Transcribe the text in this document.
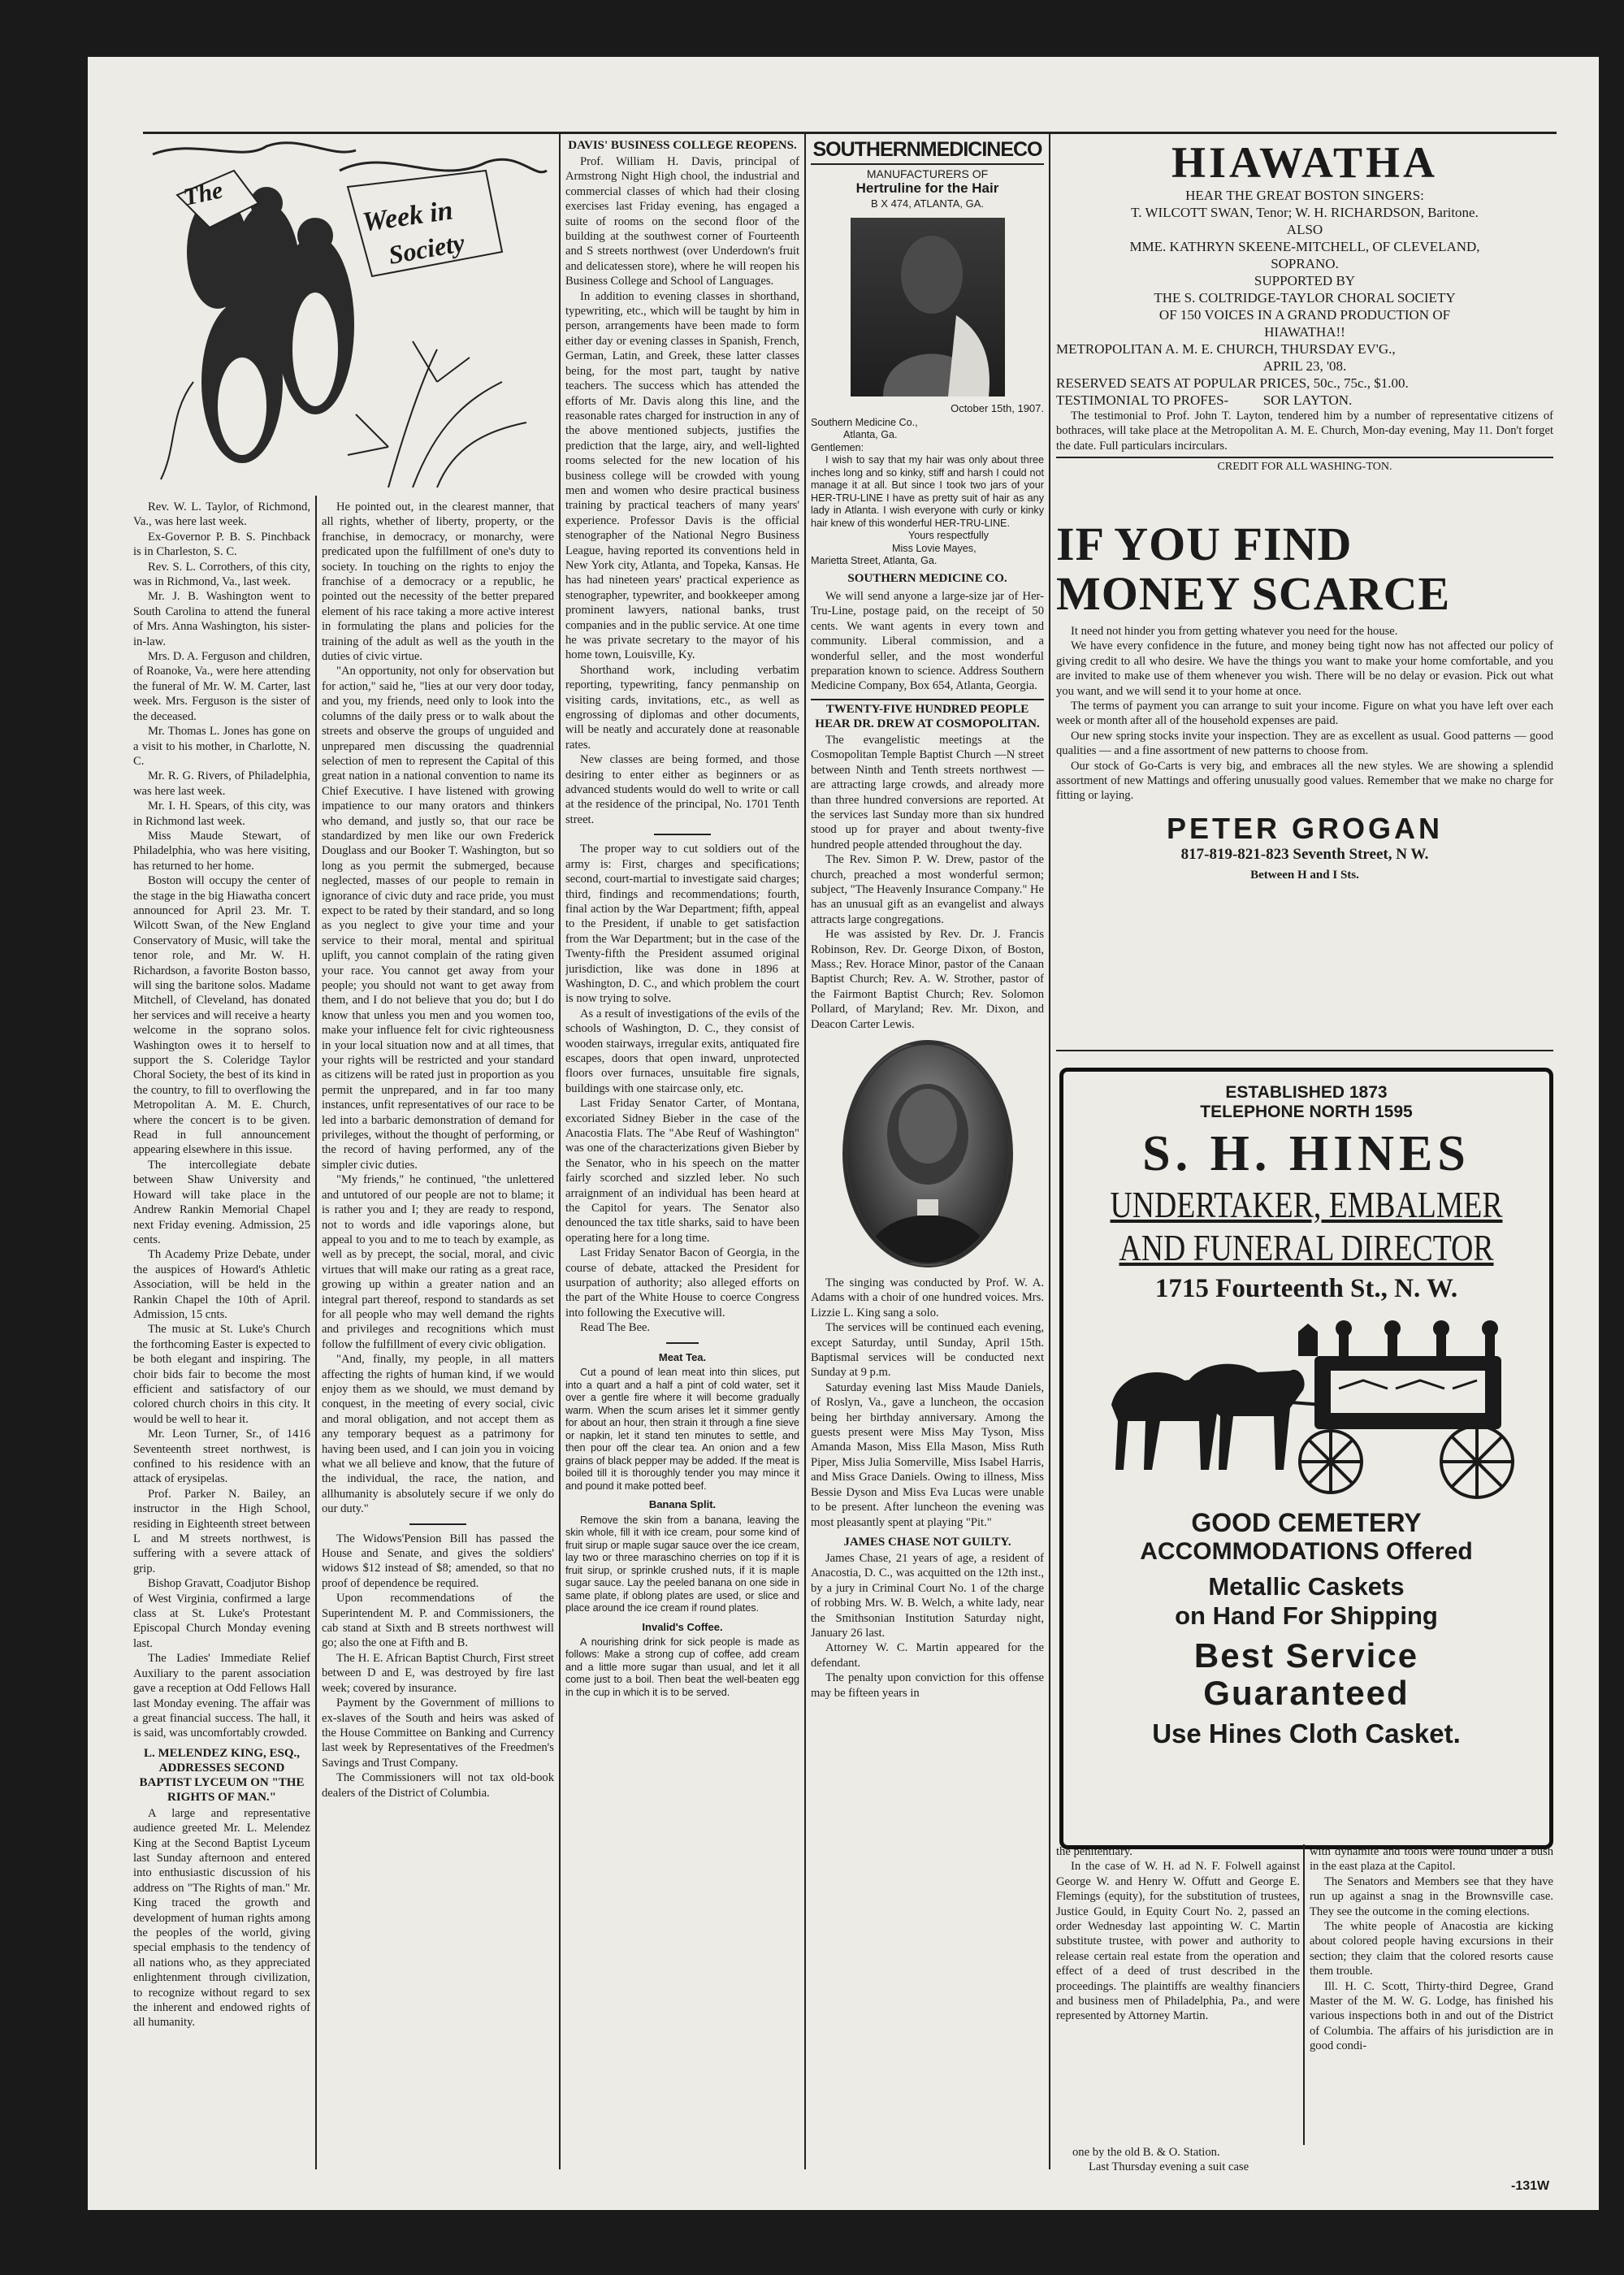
The
Week in
Society

Rev. W. L. Taylor, of Richmond, Va., was here last week.

Ex-Governor P. B. S. Pinchback is in Charleston, S. C.

Rev. S. L. Corrothers, of this city, was in Richmond, Va., last week.

Mr. J. B. Washington went to South Carolina to attend the funeral of Mrs. Anna Washington, his sister-in-law.

Mrs. D. A. Ferguson and children, of Roanoke, Va., were here attending the funeral of Mr. W. M. Carter, last week. Mrs. Ferguson is the sister of the deceased.

Mr. Thomas L. Jones has gone on a visit to his mother, in Charlotte, N. C.

Mr. R. G. Rivers, of Philadelphia, was here last week.

Mr. I. H. Spears, of this city, was in Richmond last week.

Miss Maude Stewart, of Philadelphia, who was here visiting, has returned to her home.

Boston will occupy the center of the stage in the big Hiawatha concert announced for April 23. Mr. T. Wilcott Swan, of the New England Conservatory of Music, will take the tenor role, and Mr. W. H. Richardson, a favorite Boston basso, will sing the baritone solos. Madame Mitchell, of Cleveland, has donated her services and will receive a hearty welcome in the soprano solos. Washington owes it to herself to support the S. Coleridge Taylor Choral Society, the best of its kind in the country, to fill to overflowing the Metropolitan A. M. E. Church, where the concert is to be given. Read in full announcement appearing elsewhere in this issue.

The intercollegiate debate between Shaw University and Howard will take place in the Andrew Rankin Memorial Chapel next Friday evening. Admission, 25 cents.

Th Academy Prize Debate, under the auspices of Howard's Athletic Association, will be held in the Rankin Chapel the 10th of April. Admission, 15 cnts.

The music at St. Luke's Church the forthcoming Easter is expected to be both elegant and inspiring. The choir bids fair to become the most efficient and satisfactory of our colored church choirs in this city. It would be well to hear it.

Mr. Leon Turner, Sr., of 1416 Seventeenth street northwest, is confined to his residence with an attack of erysipelas.

Prof. Parker N. Bailey, an instructor in the High School, residing in Eighteenth street between L and M streets northwest, is suffering with a severe attack of grip.

Bishop Gravatt, Coadjutor Bishop of West Virginia, confirmed a large class at St. Luke's Protestant Episcopal Church Monday evening last.

The Ladies' Immediate Relief Auxiliary to the parent association gave a reception at Odd Fellows Hall last Monday evening. The affair was a great financial success. The hall, it is said, was uncomfortably crowded.

L. MELENDEZ KING, ESQ., ADDRESSES SECOND BAPTIST LYCEUM ON "THE RIGHTS OF MAN."

A large and representative audience greeted Mr. L. Melendez King at the Second Baptist Lyceum last Sunday afternoon and entered into enthusiastic discussion of his address on "The Rights of man." Mr. King traced the growth and development of human rights among the peoples of the world, giving special emphasis to the tendency of all nations who, as they appreciated enlightenment through civilization, to recognize without regard to sex the inherent and endowed rights of all humanity.

He pointed out, in the clearest manner, that all rights, whether of liberty, property, or the franchise, in democracy, or monarchy, were predicated upon the fulfillment of one's duty to society. In touching on the rights to enjoy the franchise of a democracy or a republic, he pointed out the necessity of the better prepared element of his race taking a more active interest in formulating the plans and policies for the training of the adult as well as the youth in the duties of civic virtue.

"An opportunity, not only for observation but for action," said he, "lies at our very door today, and you, my friends, need only to look into the columns of the daily press or to walk about the streets and observe the groups of unguided and unprepared men discussing the quadrennial selection of men to represent the Capital of this great nation in a national convention to name its Chief Executive. I have listened with growing impatience to our many orators and thinkers who demand, and justly so, that our race be standardized by men like our own Frederick Douglass and our Booker T. Washington, but so long as you permit the submerged, because neglected, masses of our people to remain in ignorance of civic duty and race pride, you must expect to be rated by their standard, and so long as you neglect to give your time and your service to their moral, mental and spiritual uplift, you cannot complain of the rating given your race. You cannot get away from your people; you should not want to get away from them, and I do not believe that you do; but I do know that unless you men and you women too, make your influence felt for civic righteousness in your local situation now and at all times, that your rights will be restricted and your standard as citizens will be rated just in proportion as you permit the unprepared, and in far too many instances, unfit representatives of our race to be led into a barbaric demonstration of demand for privileges, without the thought of performing, or the record of having performed, any of the simpler civic duties.

"My friends," he continued, "the unlettered and untutored of our people are not to blame; it is rather you and I; they are ready to respond, not to words and idle vaporings alone, but appeal to you and to me to teach by example, as well as by precept, the social, moral, and civic virtues that will make our rating as a great race, growing up within a greater nation and an integral part thereof, respond to standards as set for all people who may well demand the rights and privileges and recognitions which must follow the fulfillment of every civic obligation.

"And, finally, my people, in all matters affecting the rights of human kind, if we would enjoy them as we should, we must demand by conquest, in the meeting of every social, civic and moral obligation, and not accept them as any temporary bequest as a patrimony for having been used, and I can join you in voicing what we all believe and know, that the future of the individual, the race, the nation, and allhumanity is absolutely secure if we only do our duty."

The Widows'Pension Bill has passed the House and Senate, and gives the soldiers' widows $12 instead of $8; amended, so that no proof of dependence be required.

Upon recommendations of the Superintendent M. P. and Commissioners, the cab stand at Sixth and B streets northwest will go; also the one at Fifth and B.

The H. E. African Baptist Church, First street between D and E, was destroyed by fire last week; covered by insurance.

Payment by the Government of millions to ex-slaves of the South and heirs was asked of the House Committee on Banking and Currency last week by Representatives of the Freedmen's Savings and Trust Company.

The Commissioners will not tax old-book dealers of the District of Columbia.

DAVIS' BUSINESS COLLEGE REOPENS.

Prof. William H. Davis, principal of Armstrong Night High chool, the industrial and commercial classes of which had their closing exercises last Friday evening, has engaged a suite of rooms on the second floor of the building at the southwest corner of Fourteenth and S streets northwest (over Underdown's fruit and delicatessen store), where he will reopen his Business College and School of Languages.

In addition to evening classes in shorthand, typewriting, etc., which will be taught by him in person, arrangements have been made to form either day or evening classes in Spanish, French, German, Latin, and Greek, these latter classes being, for the most part, taught by native teachers. The success which has attended the efforts of Mr. Davis along this line, and the reasonable rates charged for instruction in any of the above mentioned subjects, justifies the prediction that the large, airy, and well-lighted rooms selected for the new location of his business college will be crowded with young men and women who desire practical business training by practical teachers of many years' experience. Professor Davis is the official stenographer of the National Negro Business League, having reported its conventions held in New York city, Atlanta, and Topeka, Kansas. He has had nineteen years' practical experience as stenographer, typewriter, and bookkeeper among prominent lawyers, national banks, trust companies and in the public service. At one time he was private secretary to the mayor of his home town, Louisville, Ky.

Shorthand work, including verbatim reporting, typewriting, fancy penmanship on visiting cards, invitations, etc., as well as engrossing of diplomas and other documents, will be neatly and accurately done at reasonable rates.

New classes are being formed, and those desiring to enter either as beginners or as advanced students would do well to write or call at the residence of the principal, No. 1701 Tenth street.

The proper way to cut soldiers out of the army is: First, charges and specifications; second, court-martial to investigate said charges; third, findings and recommendations; fourth, final action by the War Department; fifth, appeal to the President, if unable to get satisfaction from the War Department; but in the case of the Twenty-fifth the President assumed original jurisdiction, like was done in 1896 at Washington, D. C., and which problem the court is now trying to solve.

As a result of investigations of the evils of the schools of Washington, D. C., they consist of wooden stairways, irregular exits, antiquated fire escapes, doors that open inward, unprotected floors over furnaces, unsuitable fire signals, buildings with one staircase only, etc.

Last Friday Senator Carter, of Montana, excoriated Sidney Bieber in the case of the Anacostia Flats. The "Abe Reuf of Washington" was one of the characterizations given Bieber by the Senator, who in his speech on the matter fairly scorched and sizzled leber. No such arraignment of an individual has been heard at the Capitol for years. The Senator also denounced the tax title sharks, said to have been operating here for a long time.

Last Friday Senator Bacon of Georgia, in the course of debate, attacked the President for usurpation of authority; also alleged efforts on the part of the White House to coerce Congress into following the Executive will.

Read The Bee.

Meat Tea.

Cut a pound of lean meat into thin slices, put into a quart and a half a pint of cold water, set it over a gentle fire where it will become gradually warm. When the scum arises let it simmer gently for about an hour, then strain it through a fine sieve or napkin, let it stand ten minutes to settle, and then pour off the clear tea. An onion and a few grains of black pepper may be added. If the meat is boiled till it is thoroughly tender you may mince it and pound it make potted beef.

Banana Split.

Remove the skin from a banana, leaving the skin whole, fill it with ice cream, pour some kind of fruit sirup or maple sugar sauce over the ice cream, lay two or three maraschino cherries on top if it is fruit sirup, or sprinkle crushed nuts, if it is maple sugar sauce. Lay the peeled banana on one side in same plate, if oblong plates are used, or slice and place around the ice cream if round plates.

Invalid's Coffee.

A nourishing drink for sick people is made as follows: Make a strong cup of coffee, add cream and a little more sugar than usual, and let it all come just to a boil. Then beat the well-beaten egg in the cup in which it is to be served.

SOUTHERNMEDICINECO
MANUFACTURERS OF
Hertruline for the Hair
B X 474, ATLANTA, GA.
October 15th, 1907.
Southern Medicine Co.,
Atlanta, Ga.
Gentlemen:

I wish to say that my hair was only about three inches long and so kinky, stiff and harsh I could not manage it at all. But since I took two jars of your HER-TRU-LINE I have as pretty suit of hair as any lady in Atlanta. I wish everyone with curly or kinky hair knew of this wonderful HER-TRU-LINE.

Yours respectfully
Miss Lovie Mayes,
Marietta Street, Atlanta, Ga.
SOUTHERN MEDICINE CO.

We will send anyone a large-size jar of Her-Tru-Line, postage paid, on the receipt of 50 cents. We want agents in every town and community. Liberal commission, and a wonderful seller, and the most wonderful preparation known to science. Address Southern Medicine Company, Box 654, Atlanta, Georgia.

TWENTY-FIVE HUNDRED PEOPLE HEAR DR. DREW AT COSMOPOLITAN.

The evangelistic meetings at the Cosmopolitan Temple Baptist Church —N street between Ninth and Tenth streets northwest — are attracting large crowds, and already more than three hundred conversions are reported. At the services last Sunday more than six hundred stood up for prayer and about twenty-five hundred people attended throughout the day.

The Rev. Simon P. W. Drew, pastor of the church, preached a most wonderful sermon; subject, "The Heavenly Insurance Company." He has an unusual gift as an evangelist and always attracts large congregations.

He was assisted by Rev. Dr. J. Francis Robinson, Rev. Dr. George Dixon, of Boston, Mass.; Rev. Horace Minor, pastor of the Canaan Baptist Church; Rev. A. W. Strother, pastor of the Fairmont Baptist Church; Rev. Solomon Pollard, of Maryland; Rev. Mr. Dixon, and Deacon Carter Lewis.

The singing was conducted by Prof. W. A. Adams with a choir of one hundred voices. Mrs. Lizzie L. King sang a solo.

The services will be continued each evening, except Saturday, until Sunday, April 15th. Baptismal services will be conducted next Sunday at 9 p.m.

Saturday evening last Miss Maude Daniels, of Roslyn, Va., gave a luncheon, the occasion being her birthday anniversary. Among the guests present were Miss May Tyson, Miss Amanda Mason, Miss Ella Mason, Miss Ruth Piper, Miss Julia Somerville, Miss Isabel Harris, and Miss Grace Daniels. Owing to illness, Miss Bessie Dyson and Miss Eva Lucas were unable to be present. After luncheon the evening was most pleasantly spent at playing "Pit."

JAMES CHASE NOT GUILTY.

James Chase, 21 years of age, a resident of Anacostia, D. C., was acquitted on the 12th inst., by a jury in Criminal Court No. 1 of the charge of robbing Mrs. W. B. Welch, a white lady, near the Smithsonian Institution Saturday night, January 26 last.

Attorney W. C. Martin appeared for the defendant.

The penalty upon conviction for this offense may be fifteen years in

HIAWATHA
HEAR THE GREAT BOSTON SINGERS:
T. WILCOTT SWAN, Tenor; W. H. RICHARDSON, Baritone.
ALSO
MME. KATHRYN SKEENE-MITCHELL, OF CLEVELAND,
SOPRANO.
SUPPORTED BY
THE S. COLTRIDGE-TAYLOR CHORAL SOCIETY
OF 150 VOICES IN A GRAND PRODUCTION OF
HIAWATHA!!
METROPOLITAN A. M. E. CHURCH, THURSDAY EV'G.,
APRIL 23, '08.
RESERVED SEATS AT POPULAR PRICES, 50c., 75c., $1.00.
TESTIMONIAL TO PROFES-          SOR LAYTON.

The testimonial to Prof. John T. Layton, tendered him by a number of representative citizens of bothraces, will take place at the Metropolitan A. M. E. Church, Mon-day evening, May 11. Don't forget the date. Full particulars incirculars.

CREDIT FOR ALL WASHING-TON.
IF YOU FIND
MONEY SCARCE

It need not hinder you from getting whatever you need for the house.

We have every confidence in the future, and money being tight now has not affected our policy of giving credit to all who desire. We have the things you want to make your home comfortable, and you are invited to make use of them whenever you wish. There will be no delay or evasion. Pick out what you want, and we will send it to your home at once.

The terms of payment you can arrange to suit your income. Figure on what you have left over each week or month after all of the household expenses are paid.

Our new spring stocks invite your inspection. They are as excellent as usual. Good patterns — good qualities — and a fine assortment of new patterns to choose from.

Our stock of Go-Carts is very big, and embraces all the new styles. We are showing a splendid assortment of new Mattings and offering unusually good values. Remember that we make no charge for fitting or laying.

PETER GROGAN
817-819-821-823 Seventh Street, N W.
Between H and I Sts.
ESTABLISHED 1873
TELEPHONE NORTH 1595
S. H. HINES
UNDERTAKER, EMBALMER
AND FUNERAL DIRECTOR
1715 Fourteenth St., N. W.
GOOD CEMETERY
ACCOMMODATIONS Offered
Metallic Caskets
on Hand For Shipping
Best Service
Guaranteed
Use Hines Cloth Casket.

the penitentiary.

In the case of W. H. ad N. F. Folwell against George W. and Henry W. Offutt and George E. Flemings (equity), for the substitution of trustees, Justice Gould, in Equity Court No. 2, passed an order Wednesday last appointing W. C. Martin substitute trustee, with power and authority to release certain real estate from the operation and effect of a deed of trust described in the proceedings. The plaintiffs are wealthy financiers and business men of Philadelphia, Pa., and were represented by Attorney Martin.

with dynamite and tools were found under a bush in the east plaza at the Capitol.

The Senators and Members see that they have run up against a snag in the Brownsville case. They see the outcome in the coming elections.

The white people of Anacostia are kicking about colored people having excursions in their section; they claim that the colored resorts cause them trouble.

Ill. H. C. Scott, Thirty-third Degree, Grand Master of the M. W. G. Lodge, has finished his various inspections both in and out of the District of Columbia. The affairs of his jurisdiction are in good condi-

one by the old B. & O. Station.
Last Thursday evening a suit case
-131W
